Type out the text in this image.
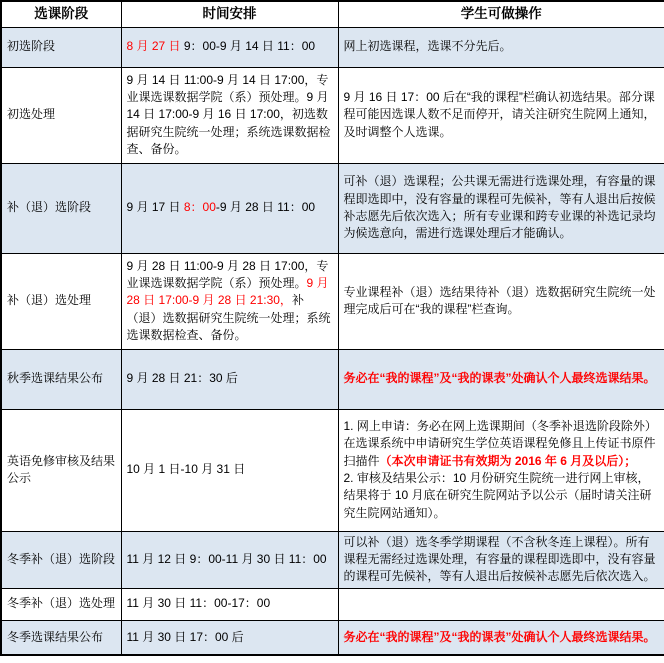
选课阶段	时间安排	学生可做操作

初选阶段	8 月 27 日 9：00-9 月 14 日 11：00	网上初选课程，选课不分先后。

初选处理	9 月 14 日 11:00-9 月 14 日 17:00，专业课选课数据学院（系）预处理。9 月 14 日 17:00-9 月 16 日 17:00，初选数据研究生院统一处理；系统选课数据检查、备份。	9 月 16 日 17：00 后在“我的课程”栏确认初选结果。部分课程可能因选课人数不足而停开，请关注研究生院网上通知，及时调整个人选课。

补（退）选阶段	9 月 17 日 8：00-9 月 28 日 11：00	可补（退）选课程；公共课无需进行选课处理，有容量的课程即选即中，没有容量的课程可先候补，等有人退出后按候补志愿先后依次选入；所有专业课和跨专业课的补选记录均为候选意向，需进行选课处理后才能确认。

补（退）选处理	9 月 28 日 11:00-9 月 28 日 17:00，专业课选课数据学院（系）预处理。9 月 28 日 17:00-9 月 28 日 21:30，补（退）选数据研究生院统一处理；系统选课数据检查、备份。	专业课程补（退）选结果待补（退）选数据研究生院统一处理完成后可在“我的课程”栏查询。

秋季选课结果公布	9 月 28 日 21：30 后	务必在“我的课程”及“我的课表”处确认个人最终选课结果。

英语免修审核及结果公示	10 月 1 日-10 月 31 日	1. 网上申请：务必在网上选课期间（冬季补退选阶段除外）在选课系统中申请研究生学位英语课程免修且上传证书原件扫描件（本次申请证书有效期为 2016 年 6 月及以后）；
2. 审核及结果公示：10 月份研究生院统一进行网上审核，结果将于 10 月底在研究生院网站予以公示（届时请关注研究生院网站通知）。

冬季补（退）选阶段	11 月 12 日 9：00-11 月 30 日 11：00	可以补（退）选冬季学期课程（不含秋冬连上课程）。所有课程无需经过选课处理，有容量的课程即选即中，没有容量的课程可先候补，等有人退出后按候补志愿先后依次选入。

冬季补（退）选处理	11 月 30 日 11：00-17：00	

冬季选课结果公布	11 月 30 日 17：00 后	务必在“我的课程”及“我的课表”处确认个人最终选课结果。
